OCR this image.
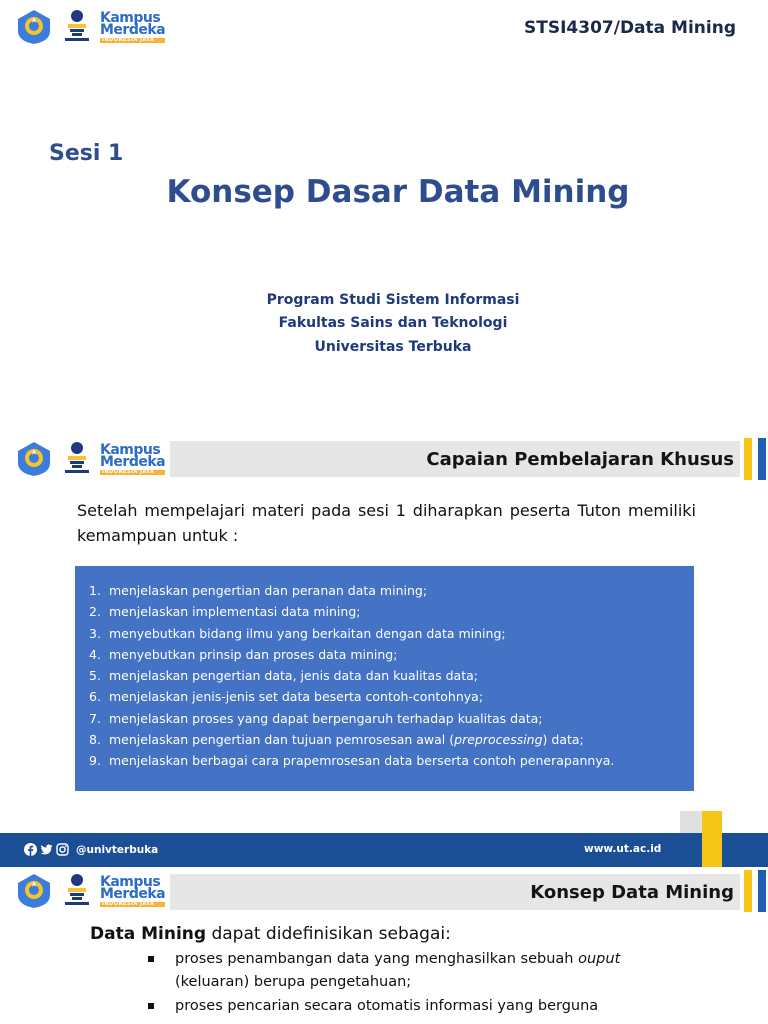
Kampus
Merdeka
INDONESIA JAYA
STSI4307/Data Mining
Sesi 1
Konsep Dasar Data Mining
Program Studi Sistem Informasi
Fakultas Sains dan Teknologi
Universitas Terbuka
Kampus
Merdeka
INDONESIA JAYA
Capaian Pembelajaran Khusus

Setelah mempelajari materi pada sesi 1 diharapkan peserta Tuton memiliki kemampuan untuk :

1. menjelaskan pengertian dan peranan data mining;
2. menjelaskan implementasi data mining;
3. menyebutkan bidang ilmu yang berkaitan dengan data mining;
4. menyebutkan prinsip dan proses data mining;
5. menjelaskan pengertian data, jenis data dan kualitas data;
6. menjelaskan jenis-jenis set data beserta contoh-contohnya;
7. menjelaskan proses yang dapat berpengaruh terhadap kualitas data;
8. menjelaskan pengertian dan tujuan pemrosesan awal (preprocessing) data;
9. menjelaskan berbagai cara prapemrosesan data berserta contoh penerapannya.
@univterbuka	www.ut.ac.id
Kampus
Merdeka
INDONESIA JAYA
Konsep Data Mining

Data Mining dapat didefinisikan sebagai:

proses penambangan data yang menghasilkan sebuah ouput (keluaran) berupa pengetahuan;
proses pencarian secara otomatis informasi yang berguna
